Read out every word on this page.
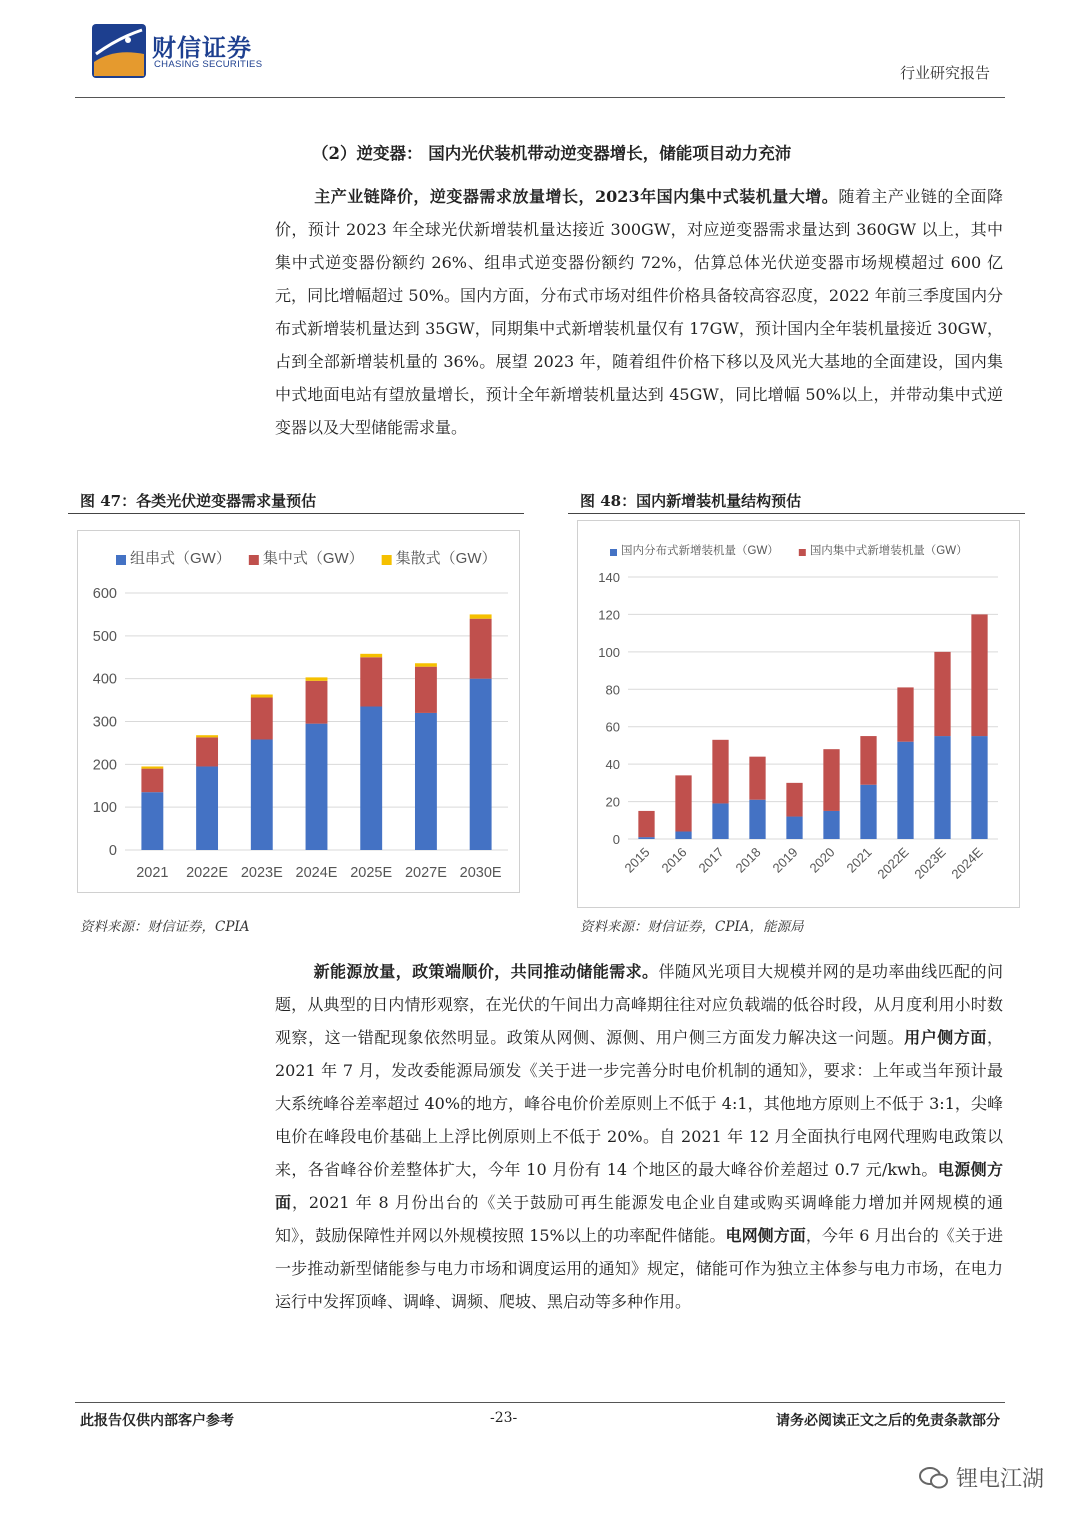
财信证券
CHASING SECURITIES	行业研究报告
（2）逆变器： 国内光伏装机带动逆变器增长，储能项目动力充沛

主产业链降价，逆变器需求放量增长，2023年国内集中式装机量大增。随着主产业链的全面降价，预计 2023 年全球光伏新增装机量达接近 300GW，对应逆变器需求量达到 360GW 以上，其中集中式逆变器份额约 26%、组串式逆变器份额约 72%，估算总体光伏逆变器市场规模超过 600 亿元，同比增幅超过 50%。国内方面，分布式市场对组件价格具备较高容忍度，2022 年前三季度国内分布式新增装机量达到 35GW，同期集中式新增装机量仅有 17GW，预计国内全年装机量接近 30GW，占到全部新增装机量的 36%。展望 2023 年，随着组件价格下移以及风光大基地的全面建设，国内集中式地面电站有望放量增长，预计全年新增装机量达到 45GW，同比增幅 50%以上，并带动集中式逆变器以及大型储能需求量。

图 47：各类光伏逆变器需求量预估
0
100
200
300
400
500
600
2021 2022E 2023E 2024E 2025E 2027E 2030E
组串式（GW） 集中式（GW） 集散式（GW）
资料来源：财信证券，CPIA
图 48：国内新增装机量结构预估
0
20
40
60
80
100
120
140
2015 2016 2017 2018 2019 2020 2021 2022E 2023E 2024E
国内分布式新增装机量（GW）	国内集中式新增装机量（GW）
资料来源：财信证券，CPIA，能源局

新能源放量，政策端顺价，共同推动储能需求。伴随风光项目大规模并网的是功率曲线匹配的问题，从典型的日内情形观察，在光伏的午间出力高峰期往往对应负载端的低谷时段，从月度利用小时数观察，这一错配现象依然明显。政策从网侧、源侧、用户侧三方面发力解决这一问题。用户侧方面，2021 年 7 月，发改委能源局颁发《关于进一步完善分时电价机制的通知》，要求：上年或当年预计最大系统峰谷差率超过 40%的地方，峰谷电价价差原则上不低于 4:1，其他地方原则上不低于 3:1，尖峰电价在峰段电价基础上上浮比例原则上不低于 20%。自 2021 年 12 月全面执行电网代理购电政策以来，各省峰谷价差整体扩大，今年 10 月份有 14 个地区的最大峰谷价差超过 0.7 元/kwh。电源侧方面，2021 年 8 月份出台的《关于鼓励可再生能源发电企业自建或购买调峰能力增加并网规模的通知》，鼓励保障性并网以外规模按照 15%以上的功率配件储能。电网侧方面，今年 6 月出台的《关于进一步推动新型储能参与电力市场和调度运用的通知》规定，储能可作为独立主体参与电力市场，在电力运行中发挥顶峰、调峰、调频、爬坡、黑启动等多种作用。

此报告仅供内部客户参考	-23-	请务必阅读正文之后的免责条款部分
锂电江湖
